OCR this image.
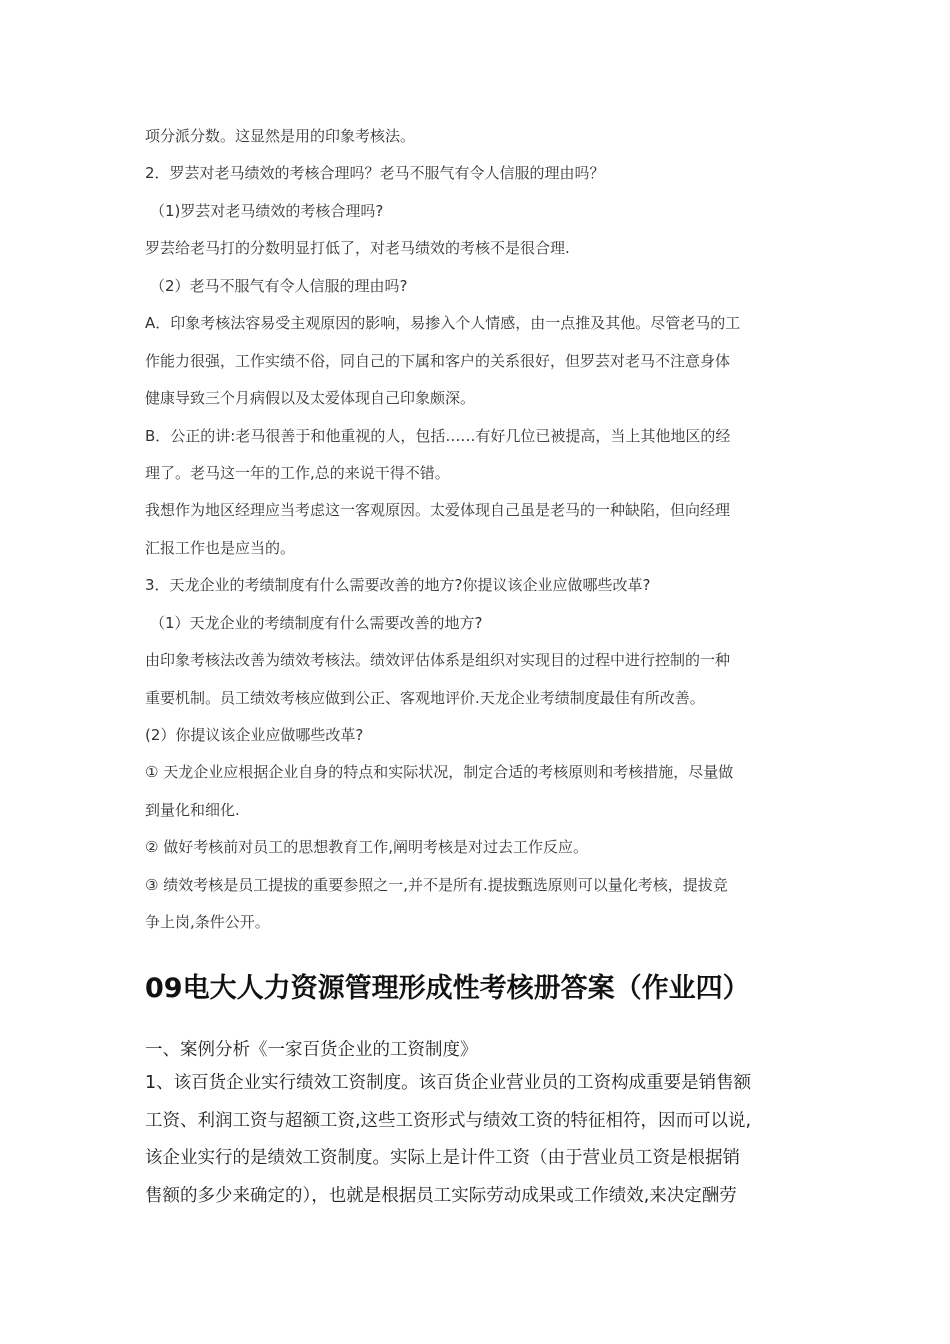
项分派分数。这显然是用的印象考核法。
2．罗芸对老马绩效的考核合理吗？老马不服气有令人信服的理由吗？
（1)罗芸对老马绩效的考核合理吗?
罗芸给老马打的分数明显打低了，对老马绩效的考核不是很合理.
（2）老马不服气有令人信服的理由吗?
A．印象考核法容易受主观原因的影响，易掺入个人情感，由一点推及其他。尽管老马的工
作能力很强，工作实绩不俗，同自己的下属和客户的关系很好，但罗芸对老马不注意身体
健康导致三个月病假以及太爱体现自己印象颇深。
B．公正的讲:老马很善于和他重视的人，包括……有好几位已被提高，当上其他地区的经
理了。老马这一年的工作,总的来说干得不错。
我想作为地区经理应当考虑这一客观原因。太爱体现自己虽是老马的一种缺陷，但向经理
汇报工作也是应当的。
3．天龙企业的考绩制度有什么需要改善的地方?你提议该企业应做哪些改革?
（1）天龙企业的考绩制度有什么需要改善的地方?
由印象考核法改善为绩效考核法。绩效评估体系是组织对实现目的过程中进行控制的一种
重要机制。员工绩效考核应做到公正、客观地评价.天龙企业考绩制度最佳有所改善。
(2）你提议该企业应做哪些改革?
① 天龙企业应根据企业自身的特点和实际状况，制定合适的考核原则和考核措施，尽量做
到量化和细化.
② 做好考核前对员工的思想教育工作,阐明考核是对过去工作反应。
③ 绩效考核是员工提拔的重要参照之一,并不是所有.提拔甄选原则可以量化考核，提拔竞
争上岗,条件公开。
09电大人力资源管理形成性考核册答案（作业四）
一、案例分析《一家百货企业的工资制度》
1、该百货企业实行绩效工资制度。该百货企业营业员的工资构成重要是销售额
工资、利润工资与超额工资,这些工资形式与绩效工资的特征相符，因而可以说,
该企业实行的是绩效工资制度。实际上是计件工资（由于营业员工资是根据销
售额的多少来确定的），也就是根据员工实际劳动成果或工作绩效,来决定酬劳
